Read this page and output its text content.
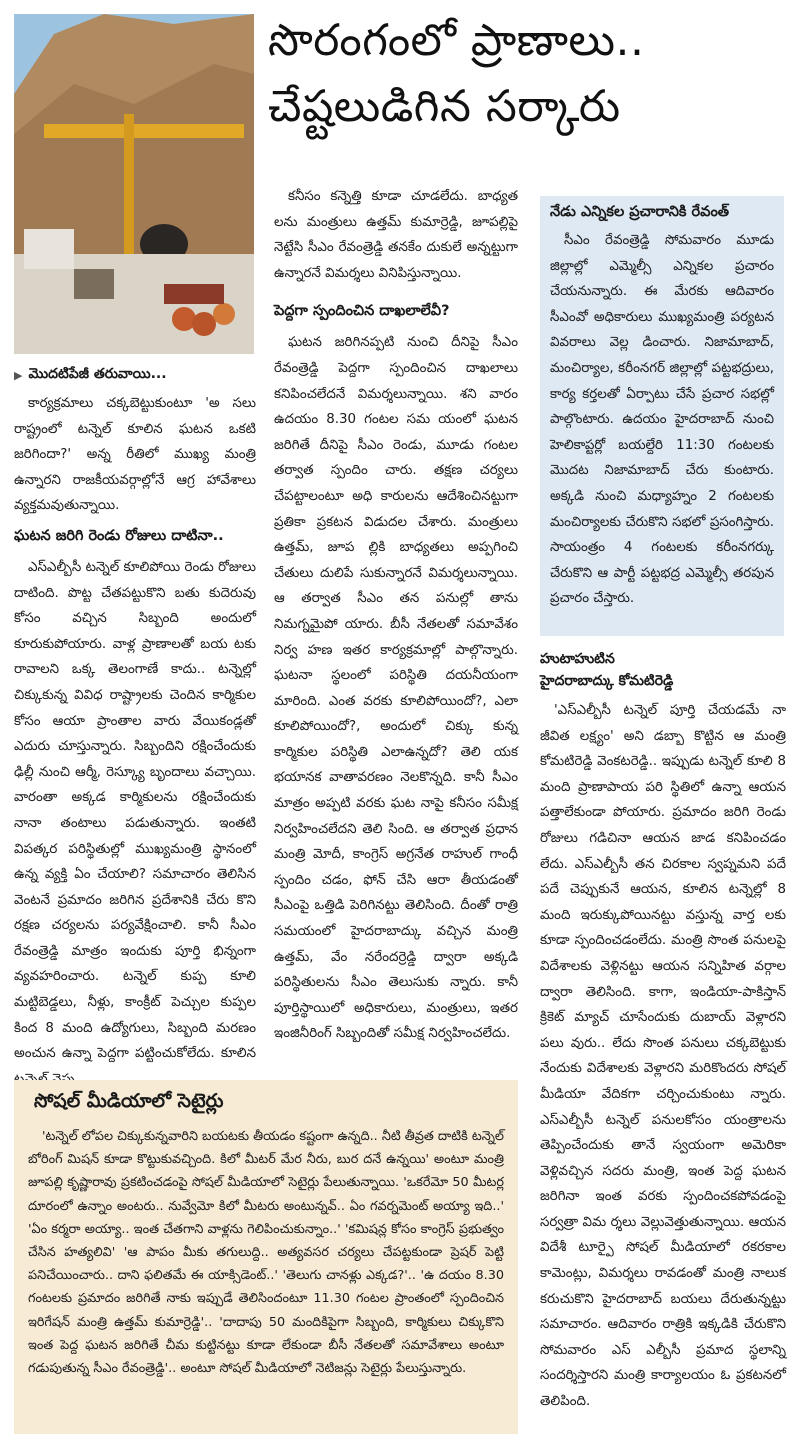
సొరంగంలో ప్రాణాలు..
చేష్టలుడిగిన సర్కారు
▶ మొదటిపేజీ తరువాయి...

కార్యక్రమాలు చక్కబెట్టుకుంటూ 'అ సలు రాష్ట్రంలో టన్నెల్ కూలిన ఘటన ఒకటి జరిగిందా?' అన్న రీతిలో ముఖ్య మంత్రి ఉన్నారని రాజకీయవర్గాల్లోనే ఆగ్ర హావేశాలు వ్యక్తమవుతున్నాయి.

ఘటన జరిగి రెండు రోజులు దాటినా..

ఎస్ఎల్బీసీ టన్నెల్ కూలిపోయి రెండు రోజులు దాటింది. పొట్ట చేతపట్టుకొని బతు కుదెరువు కోసం వచ్చిన సిబ్బంది అందులో కూరుకుపోయారు. వాళ్ల ప్రాణాలతో బయ టకు రావాలని ఒక్క తెలంగాణే కాదు.. టన్నెల్లో చిక్కుకున్న వివిధ రాష్ట్రాలకు చెందిన కార్మికుల కోసం ఆయా ప్రాంతాల వారు వేయికండ్లతో ఎదురు చూస్తున్నారు. సిబ్బందిని రక్షించేందుకు ఢిల్లీ నుంచి ఆర్మీ, రెస్క్యూ బృందాలు వచ్చాయి. వారంతా అక్కడ కార్మికులను రక్షించేందుకు నానా తంటాలు పడుతున్నారు. ఇంతటి విపత్కర పరిస్థితుల్లో ముఖ్యమంత్రి స్థానంలో ఉన్న వ్యక్తి ఏం చేయాలి? సమాచారం తెలిసిన వెంటనే ప్రమాదం జరిగిన ప్రదేశానికి చేరు కొని రక్షణ చర్యలను పర్యవేక్షించాలి. కానీ సీఎం రేవంత్రెడ్డి మాత్రం ఇందుకు పూర్తి భిన్నంగా వ్యవహరించారు. టన్నెల్ కుప్ప కూలి మట్టిబెడ్డలు, నీళ్లు, కాంక్రీట్ పెచ్చుల కుప్పల కింద 8 మంది ఉద్యోగులు, సిబ్బంది మరణం అంచున ఉన్నా పెద్దగా పట్టించుకోలేదు. కూలిన

కనీసం కన్నెత్తి కూడా చూడలేదు. బాధ్యత లను మంత్రులు ఉత్తమ్ కుమార్రెడ్డి, జూపల్లిపై నెట్టేసి సీఎం రేవంత్రెడ్డి తనకేం దుకులే అన్నట్టుగా ఉన్నారనే విమర్శలు వినిపిస్తున్నాయి.

పెద్దగా స్పందించిన దాఖలాలేవీ?

ఘటన జరిగినప్పటి నుంచి దీనిపై సీఎం రేవంత్రెడ్డి పెద్దగా స్పందించిన దాఖలాలు కనిపించలేదనే విమర్శలున్నాయి. శని వారం ఉదయం 8.30 గంటల సమ యంలో ఘటన జరిగితే దీనిపై సీఎం రెండు, మూడు గంటల తర్వాత స్పందిం చారు. తక్షణ చర్యలు చేపట్టాలంటూ అధి కారులను ఆదేశించినట్టుగా ప్రతికా ప్రకటన విడుదల చేశారు. మంత్రులు ఉత్తమ్, జూప ల్లికి బాధ్యతలు అప్పగించి చేతులు దులిపే సుకున్నారనే విమర్శలున్నాయి. ఆ తర్వాత సీఎం తన పనుల్లో తాను నిమగ్నమైపో యారు. బీసీ నేతలతో సమావేశం నిర్వ హణ ఇతర కార్యక్రమాల్లో పాల్గొన్నారు. ఘటనా స్థలంలో పరిస్థితి దయనీయంగా మారింది. ఎంత వరకు కూలిపోయిందో?, ఎలా కూలిపోయిందో?, అందులో చిక్కు కున్న కార్మికుల పరిస్థితి ఎలాఉన్నదో? తెలి యక భయానక వాతావరణం నెలకొన్నది. కానీ సీఎం మాత్రం అప్పటి వరకు ఘట నాపై కనీసం సమీక్ష నిర్వహించలేదని తెలి సింది. ఆ తర్వాత ప్రధాన మంత్రి మోదీ, కాంగ్రెస్ అగ్రనేత రాహుల్ గాంధీ స్పందిం చడం, ఫోన్ చేసి ఆరా తీయడంతో సీఎంపై ఒత్తిడి పెరిగినట్టు తెలిసింది. దీంతో రాత్రి సమయంలో హైదరాబాద్కు వచ్చిన మంత్రి ఉత్తమ్, వేం నరేందర్రెడ్డి ద్వారా అక్కడి పరిస్థితులను సీఎం తెలుసుకు న్నారు. కానీ పూర్తిస్థాయిలో అధికారులు, మంత్రులు, ఇతర ఇంజినీరింగ్ సిబ్బందితో సమీక్ష నిర్వహించలేదు.

నేడు ఎన్నికల ప్రచారానికి రేవంత్

సీఎం రేవంత్రెడ్డి సోమవారం మూడు జిల్లాల్లో ఎమ్మెల్సీ ఎన్నికల ప్రచారం చేయనున్నారు. ఈ మేరకు ఆదివారం సీఎంవో అధికారులు ముఖ్యమంత్రి పర్యటన వివరాలు వెల్ల డించారు. నిజామాబాద్, మంచిర్యాల, కరీంనగర్ జిల్లాల్లో పట్టభద్రులు, కార్య కర్తలతో ఏర్పాటు చేసే ప్రచార సభల్లో పాల్గొంటారు. ఉదయం హైదరాబాద్ నుంచి హెలికాప్టర్లో బయల్దేరి 11:30 గంటలకు మొదట నిజామాబాద్ చేరు కుంటారు. అక్కడి నుంచి మధ్యాహ్నం 2 గంటలకు మంచిర్యాలకు చేరుకొని సభలో ప్రసంగిస్తారు. సాయంత్రం 4 గంటలకు కరీంనగర్కు చేరుకొని ఆ పార్టీ పట్టభద్ర ఎమ్మెల్సీ తరపున ప్రచారం చేస్తారు.

హుటాహుటిన
హైదరాబాద్కు కోమటిరెడ్డి

'ఎస్ఎల్బీసీ టన్నెల్ పూర్తి చేయడమే నా జీవిత లక్ష్యం' అని డబ్బా కొట్టిన ఆ మంత్రి కోమటిరెడ్డి వెంకటరెడ్డి.. ఇప్పుడు టన్నెల్ కూలి 8 మంది ప్రాణాపాయ పరి స్థితిలో ఉన్నా ఆయన పత్తాలేకుండా పోయారు. ప్రమాదం జరిగి రెండు రోజులు గడిచినా ఆయన జాడ కనిపించడం లేదు. ఎస్ఎల్బీసీ తన చిరకాల స్వప్నమని పదే పదే చెప్పుకునే ఆయన, కూలిన టన్నెల్లో 8 మంది ఇరుక్కుపోయినట్టు వస్తున్న వార్త లకు కూడా స్పందించడంలేదు. మంత్రి సొంత పనులపై విదేశాలకు వెళ్లినట్టు ఆయన సన్నిహిత వర్గాల ద్వారా తెలిసింది. కాగా, ఇండియా-పాకిస్తాన్ క్రికెట్ మ్యాచ్ చూసేందుకు దుబాయ్ వెళ్లారని పలు వురు.. లేదు సొంత పనులు చక్కబెట్టుకు నేందుకు విదేశాలకు వెళ్లారని మరికొందరు సోషల్ మీడియా వేదికగా చర్చించుకుంటు న్నారు. ఎస్ఎల్బీసీ టన్నెల్ పనులకోసం యంత్రాలను తెప్పించేందుకు తానే స్వయంగా అమెరికా వెళ్లివచ్చిన సదరు మంత్రి, ఇంత పెద్ద ఘటన జరిగినా ఇంత వరకు స్పందించకపోవడంపై సర్వత్రా విమ ర్శలు వెల్లువెత్తుతున్నాయి. ఆయన విదేశీ టూర్పై సోషల్ మీడియాలో రకరకాల కామెంట్లు, విమర్శలు రావడంతో మంత్రి నాలుక కరుచుకొని హైదరాబాద్ బయలు దేరుతున్నట్టు సమాచారం. ఆదివారం రాత్రికి ఇక్కడికి చేరుకొని సోమవారం ఎస్ ఎల్బీసీ ప్రమాద స్థలాన్ని సందర్శిస్తారని మంత్రి కార్యాలయం ఓ ప్రకటనలో తెలిపింది.

సోషల్ మీడియాలో సెటైర్లు

'టన్నెల్ లోపల చిక్కుకున్నవారిని బయటకు తీయడం కష్టంగా ఉన్నది.. నీటి తీవ్రత దాటికి టన్నెల్ బోరింగ్ మిషన్ కూడా కొట్టుకువచ్చింది. కిలో మీటర్ మేర నీరు, బుర దనే ఉన్నయి' అంటూ మంత్రి జూపల్లి కృష్ణారావు ప్రకటించడంపై సోషల్ మీడియాలో సెటైర్లు పేలుతున్నాయి. 'ఒకరేమో 50 మీటర్ల దూరంలో ఉన్నాం అంటరు.. నువ్వేమో కిలో మీటరు అంటున్నవ్.. ఏం గవర్నమెంట్ అయ్యా ఇది..' 'ఏం కర్మరా అయ్యా.. ఇంత చేతగాని వాళ్లను గెలిపించుకున్నాం..' 'కమిషన్ల కోసం కాంగ్రెస్ ప్రభుత్వం చేసిన హత్యలివి' 'ఆ పాపం మీకు తగులుద్ది.. అత్యవసర చర్యలు చేపట్టకుండా ప్రెషర్ పెట్టి పనిచేయించారు.. దాని ఫలితమే ఈ యాక్సిడెంట్..' 'తెలుగు చానళ్లు ఎక్కడ?'.. 'ఉ దయం 8.30 గంటలకు ప్రమాదం జరిగితే నాకు ఇప్పుడే తెలిసిందంటూ 11.30 గంటల ప్రాంతంలో స్పందించిన ఇరిగేషన్ మంత్రి ఉత్తమ్ కుమార్రెడ్డి'.. 'దాదాపు 50 మందికిపైగా సిబ్బంది, కార్మికులు చిక్కుకొని ఇంత పెద్ద ఘటన జరిగితే చీమ కుట్టినట్టు కూడా లేకుండా బీసీ నేతలతో సమావేశాలు అంటూ గడుపుతున్న సీఎం రేవంత్రెడ్డి'.. అంటూ సోషల్ మీడియాలో నెటిజన్లు సెటైర్లు పేలుస్తున్నారు.
